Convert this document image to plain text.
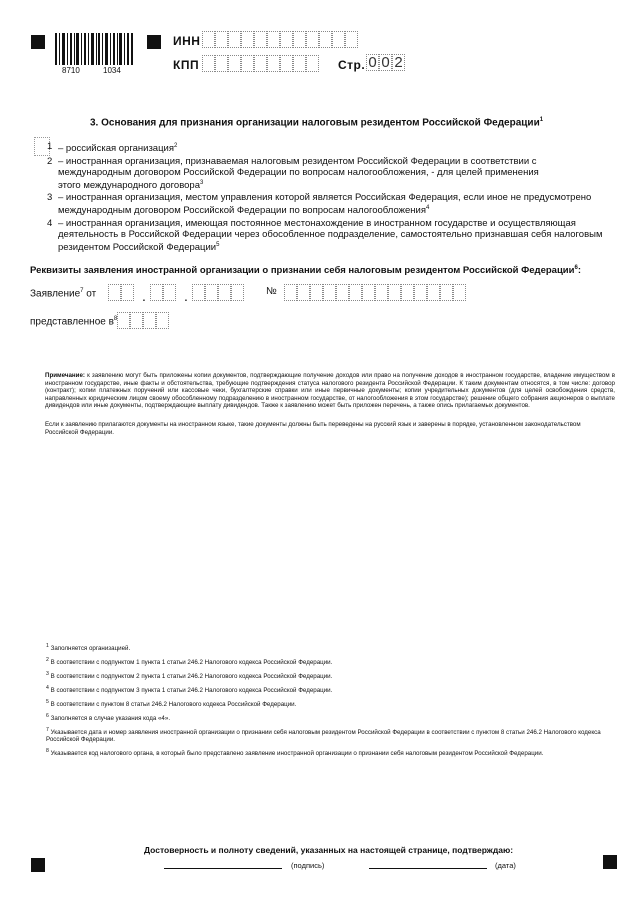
8710	1034
ИНН
КПП	Стр. 0 0 2
3. Основания для признания организации налоговым резидентом Российской Федерации$^1$
1 – российская организация$^2$
2 – иностранная организация, признаваемая налоговым резидентом Российской Федерации в соответствии с международным договором Российской Федерации по вопросам налогообложения, - для целей применения этого международного договора$^3$
3 – иностранная организация, местом управления которой является Российская Федерация, если иное не предусмотрено международным договором Российской Федерации по вопросам налогообложения$^4$
4 – иностранная организация, имеющая постоянное местонахождение в иностранном государстве и осуществляющая деятельность в Российской Федерации через обособленное подразделение, самостоятельно признавшая себя налоговым резидентом Российской Федерации$^5$
Реквизиты заявления иностранной организации о признании себя налоговым резидентом Российской Федерации$^6$:
Заявление$^7$ от	.	.	№
представленное $в^8$
Примечание: к заявлению могут быть приложены копии документов, подтверждающие получение доходов или право на получение доходов в иностранном государстве, владение имуществом в иностранном государстве, иные факты и обстоятельства, требующие подтверждения статуса налогового резидента Российской Федерации. К таким документам относятся, в том числе: договор (контракт); копии платежных поручений или кассовые чеки, бухгалтерские справки или иные первичные документы; копии учредительных документов (для целей освобождения средств, направленных юридическим лицом своему обособленному подразделению в иностранном государстве, от налогообложения в этом государстве); решение общего собрания акционеров о выплате дивидендов или иные документы, подтверждающие выплату дивидендов. Также к заявлению может быть приложен перечень, а также опись прилагаемых документов.
Если к заявлению прилагаются документы на иностранном языке, такие документы должны быть переведены на русский язык и заверены в порядке, установленном законодательством Российской Федерации.
$^1$ Заполняется организацией.
$^2$ В соответствии с подпунктом 1 пункта 1 статьи 246.2 Налогового кодекса Российской Федерации.
$^3$ В соответствии с подпунктом 2 пункта 1 статьи 246.2 Налогового кодекса Российской Федерации.
$^4$ В соответствии с подпунктом 3 пункта 1 статьи 246.2 Налогового кодекса Российской Федерации.
$^5$ В соответствии с пунктом 8 статьи 246.2 Налогового кодекса Российской Федерации.
$^6$ Заполняется в случае указания кода «4».
$^7$ Указывается дата и номер заявления иностранной организации о признании себя налоговым резидентом Российской Федерации в соответствии с пунктом 8 статьи 246.2 Налогового кодекса Российской Федерации.
$^8$ Указывается код налогового органа, в который было представлено заявление иностранной организации о признании себя налоговым резидентом Российской Федерации.
Достоверность и полноту сведений, указанных на настоящей странице, подтверждаю:
(подпись)	(дата)
